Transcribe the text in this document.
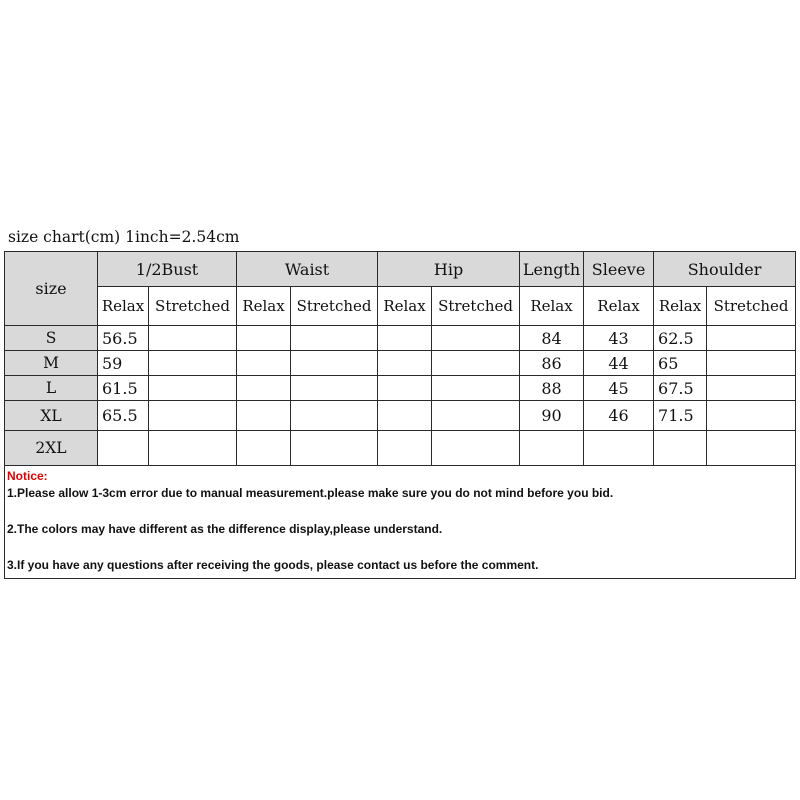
size chart(cm) 1inch=2.54cm
size	1/2Bust		Waist		Hip		Length	Sleeve	Shoulder	
	Relax	Stretched	Relax	Stretched	Relax	Stretched	Relax	Relax	Relax	Stretched
S	56.5						84	43	62.5	
M	59						86	44	65	
L	61.5						88	45	67.5	
XL	65.5						90	46	71.5	
2XL										

Notice:
1.Please allow 1-3cm error due to manual measurement.please make sure you do not mind before you bid.
2.The colors may have different as the difference display,please understand.
3.If you have any questions after receiving the goods, please contact us before the comment.										
